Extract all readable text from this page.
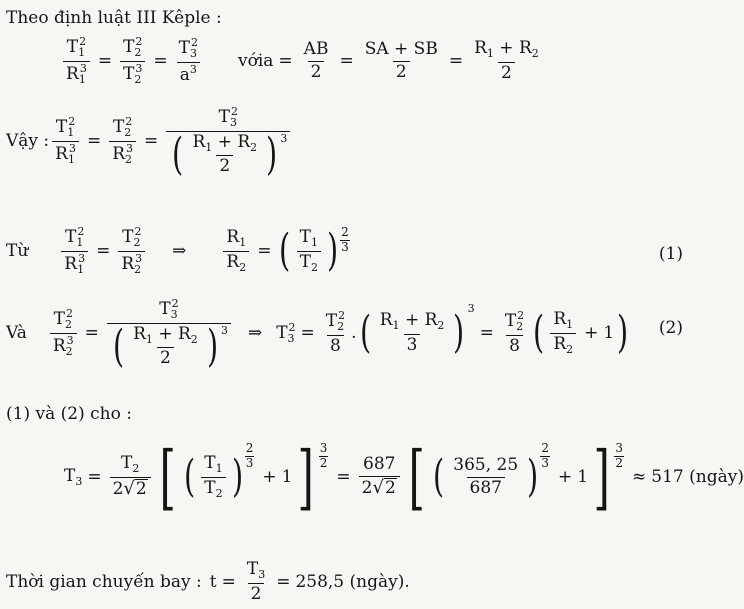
Theo định luật III Kêple :
$\frac{T_1^2}{R_1^3} = \frac{T_2^2}{T_2^3} = \frac{T_3^2}{a^3}$ với $a = \frac{AB}{2} = \frac{SA + SB}{2} = \frac{R_1 + R_2}{2}$
Vậy : $\frac{T_1^2}{R_1^3} = \frac{T_2^2}{R_2^3}$ =
$T_3^2$
( $\frac{R_1 + R_2}{2}$ ) $^3$
Từ $\frac{T_1^2}{R_1^3} = \frac{T_2^2}{R_2^3}$ ⇒ $\frac{R_1}{R_2}$ = ( $\frac{T_1}{T_2}$ ) $\frac{2}{3}$	(1)
Và $\frac{T_2^2}{R_2^3}$ =
$T_3^2$
( $\frac{R_1 + R_2}{2}$ ) $^3$ ⇒ $T_3^2 = \frac{T_2^2}{8}$ . ( $\frac{R_1 + R_2}{3}$ ) $^3$
= $\frac{T_2^2}{8}$ ( $\frac{R_1}{R_2} + 1$ ) (2)
(1) và (2) cho :
$T_3 = \frac{T_2}{2 √ 2}$ [ ( $\frac{T_1}{T_2}$ ) $\frac{2}{3}$
+ 1 ] $\frac{3}{2}$
= $\frac{687}{2 √ 2}$ [ ( $\frac{365, 25}{687}$ ) $\frac{2}{3}$
+ 1 ] $\frac{3}{2}$
≈ 517 (ngày)
Thời gian chuyến bay : $t = \frac{T_3}{2} = 258,5$ (ngày).
